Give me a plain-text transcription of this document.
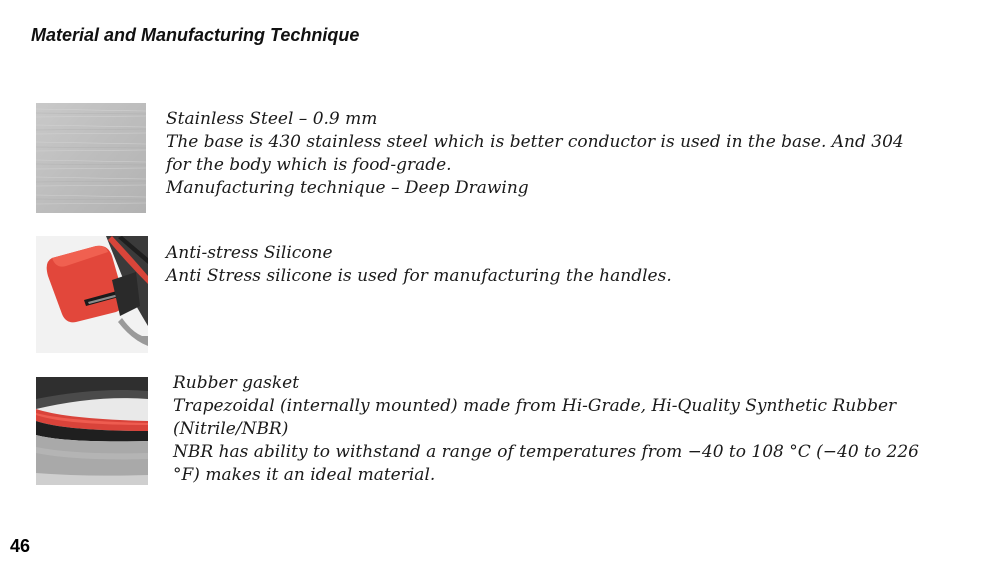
Material and Manufacturing Technique
Stainless Steel – 0.9 mm
The base is 430 stainless steel which is better conductor is used in the base. And 304
for the body which is food-grade.
Manufacturing technique – Deep Drawing
Anti-stress Silicone
Anti Stress silicone is used for manufacturing the handles.
Rubber gasket
Trapezoidal (internally mounted) made from Hi-Grade, Hi-Quality Synthetic Rubber
(Nitrile/NBR)
NBR has ability to withstand a range of temperatures from −40 to 108 °C (−40 to 226
°F) makes it an ideal material.
46
